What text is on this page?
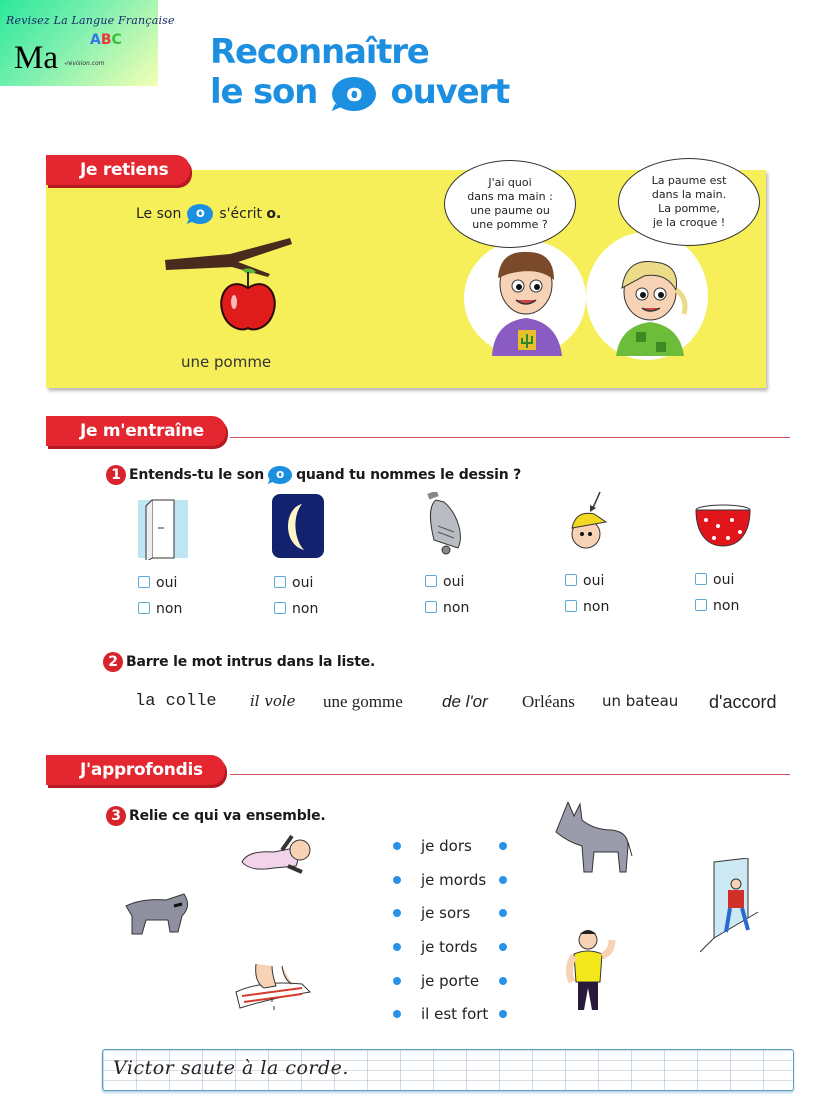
Revisez La Langue Française
ABC
Ma -revision.com	Reconnaître
le son o ouvert
Je retiens
Le son o s'écrit o.
une pomme
J'ai quoi
dans ma main :
une paume ou
une pomme ?
La paume est
dans la main.
La pomme,
je la croque !
Je m'entraîne
1 Entends-tu le son o quand tu nommes le dessin ?
oui
non
oui
non
oui
non
oui
non
oui
non
2 Barre le mot intrus dans la liste.
la colle il vole une gomme de l'or Orléans un bateau d'accord
J'approfondis
3 Relie ce qui va ensemble.
je dors
je mords
je sors
je tords
je porte
il est fort
Victor saute à la corde.
